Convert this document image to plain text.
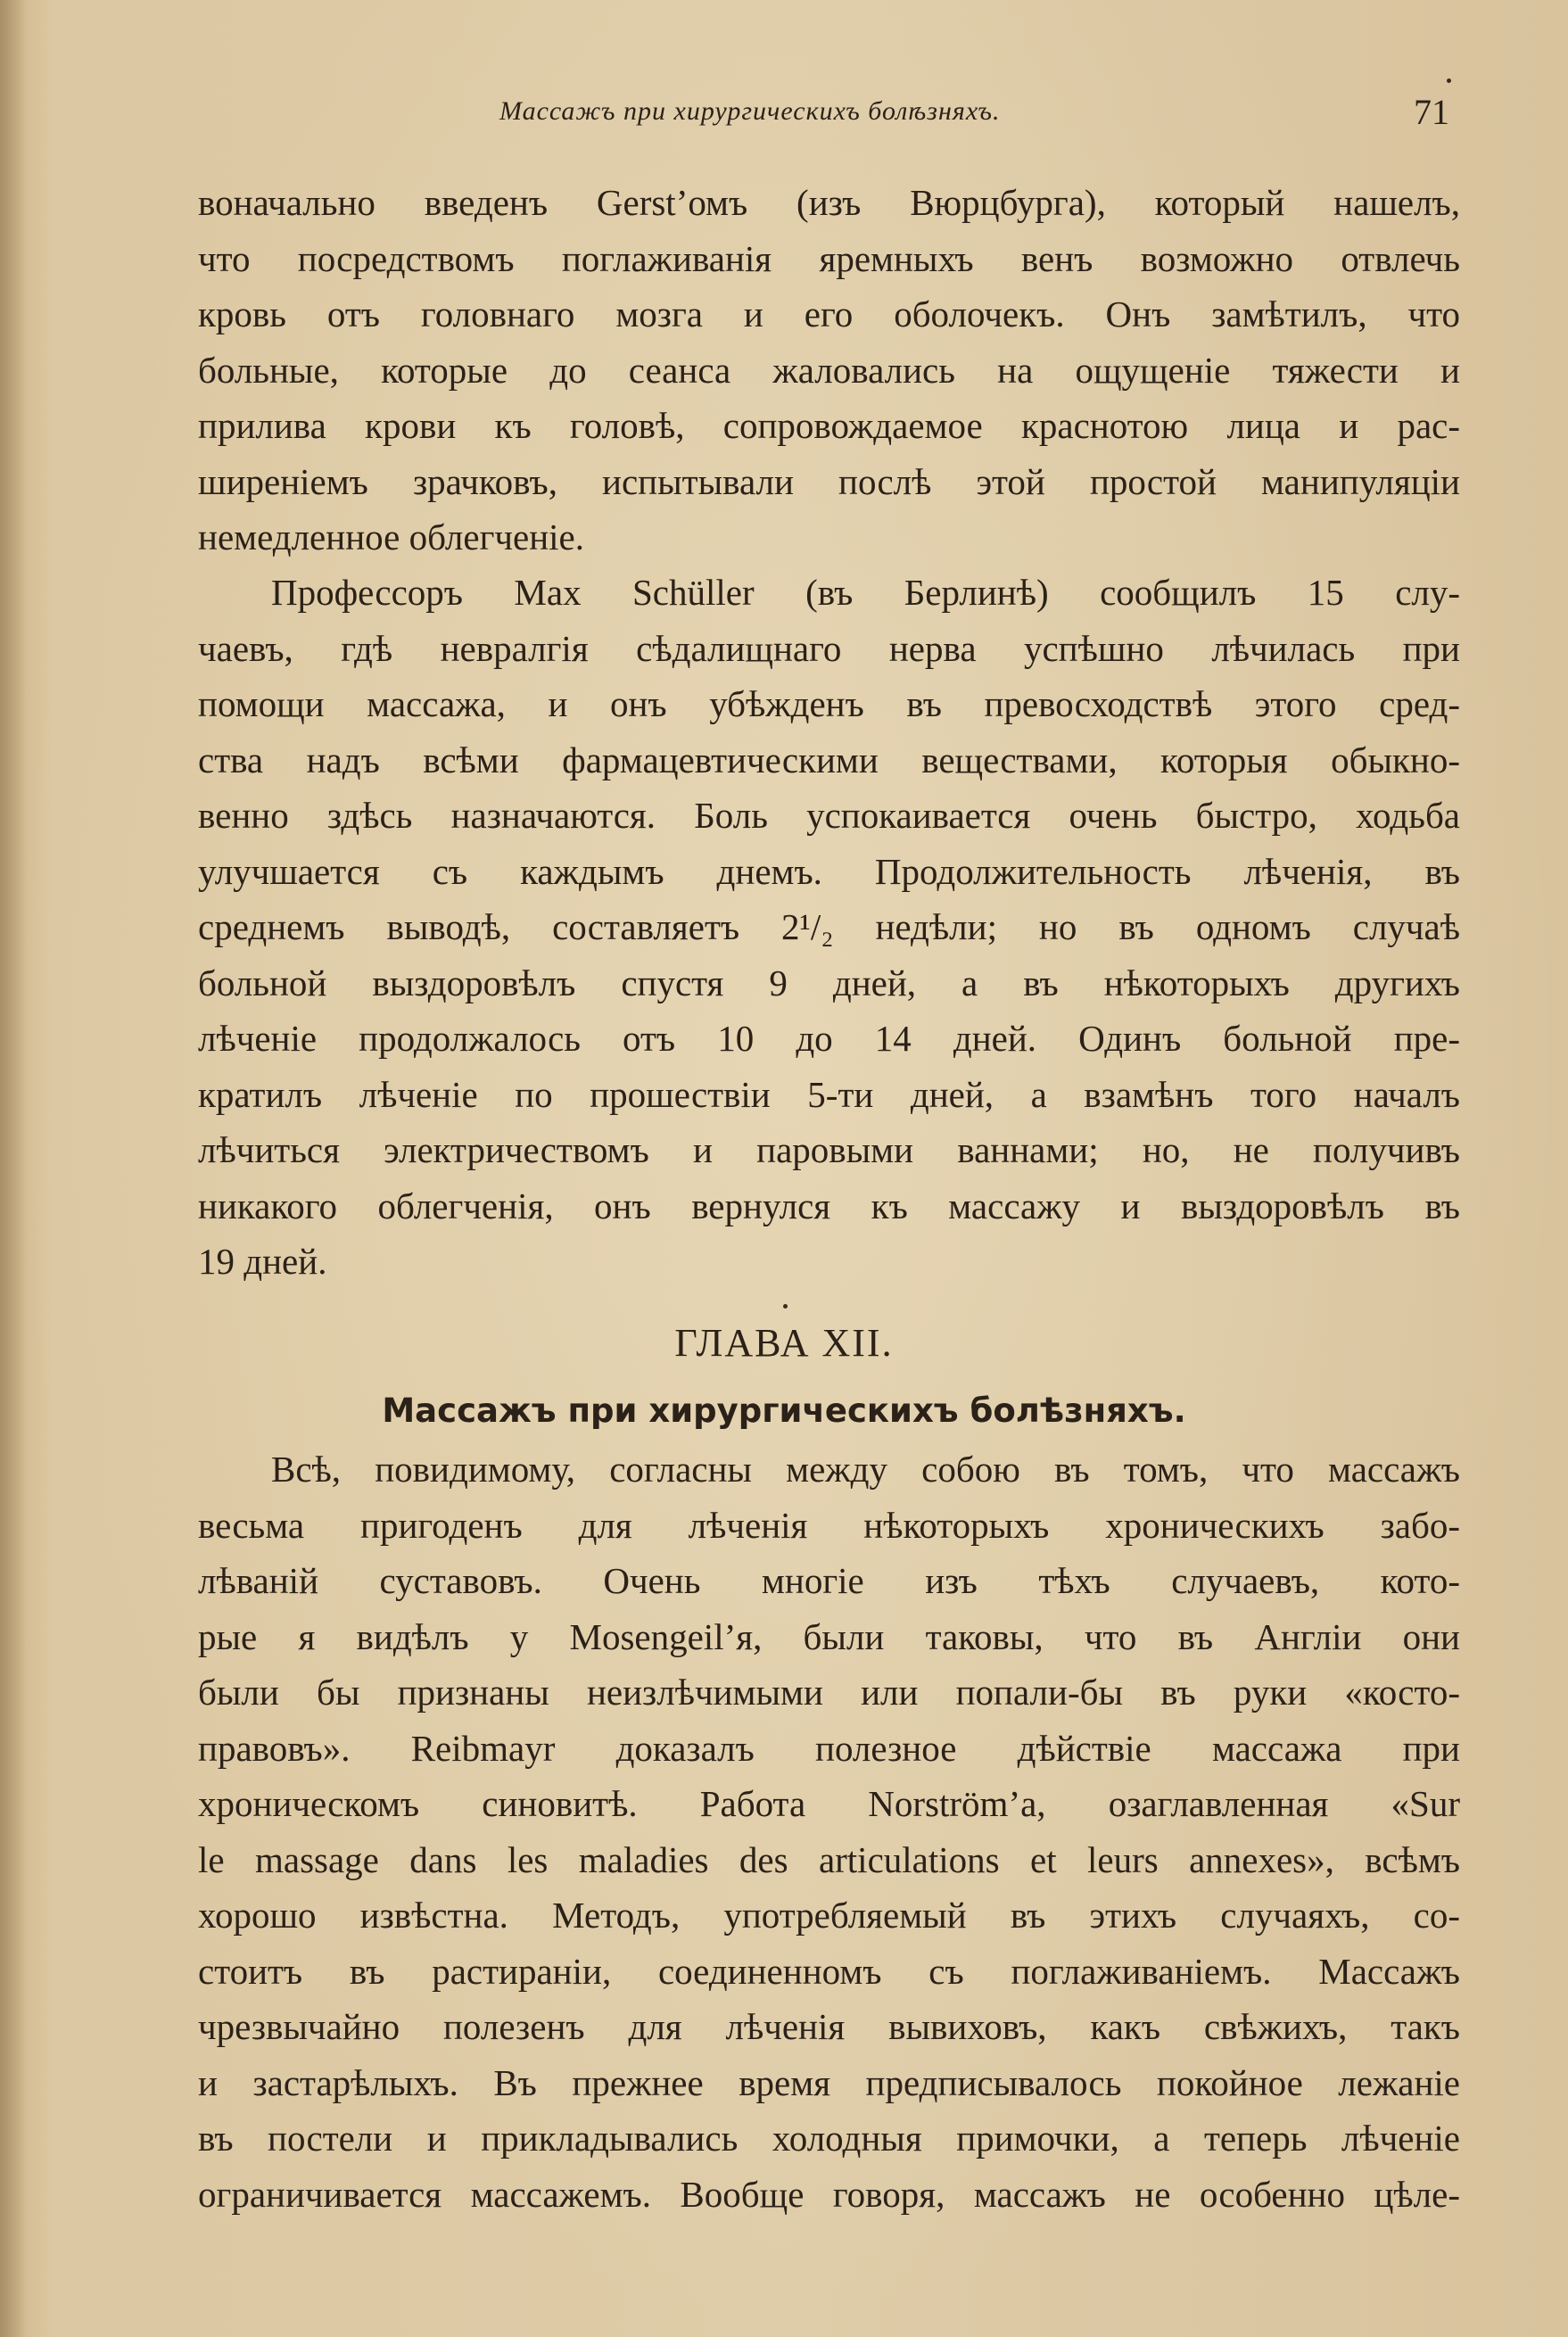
Массажъ при хирургическихъ болѣзняхъ.	71
воначально введенъ Gerst’омъ (изъ Вюрцбурга), который нашелъ,
что посредствомъ поглаживанія яремныхъ венъ возможно отвлечь
кровь отъ головнаго мозга и его оболочекъ. Онъ замѣтилъ, что
больные, которые до сеанса жаловались на ощущеніе тяжести и
прилива крови къ головѣ, сопровождаемое краснотою лица и рас-
ширеніемъ зрачковъ, испытывали послѣ этой простой манипуляціи
немедленное облегченіе.
Профессоръ Max Schüller (въ Берлинѣ) сообщилъ 15 слу-
чаевъ, гдѣ невралгія сѣдалищнаго нерва успѣшно лѣчилась при
помощи массажа, и онъ убѣжденъ въ превосходствѣ этого сред-
ства надъ всѣми фармацевтическими веществами, которыя обыкно-
венно здѣсь назначаются. Боль успокаивается очень быстро, ходьба
улучшается съ каждымъ днемъ. Продолжительность лѣченія, въ
среднемъ выводѣ, составляетъ 2¹/₂ недѣли; но въ одномъ случаѣ
больной выздоровѣлъ спустя 9 дней, а въ нѣкоторыхъ другихъ
лѣченіе продолжалось отъ 10 до 14 дней. Одинъ больной пре-
кратилъ лѣченіе по прошествіи 5-ти дней, а взамѣнъ того началъ
лѣчиться электричествомъ и паровыми ваннами; но, не получивъ
никакого облегченія, онъ вернулся къ массажу и выздоровѣлъ въ
19 дней.
ГЛАВА XII.
Массажъ при хирургическихъ болѣзняхъ.
Всѣ, повидимому, согласны между собою въ томъ, что массажъ
весьма пригоденъ для лѣченія нѣкоторыхъ хроническихъ забо-
лѣваній суставовъ. Очень многіе изъ тѣхъ случаевъ, кото-
рые я видѣлъ у Mosengeil’я, были таковы, что въ Англіи они
были бы признаны неизлѣчимыми или попали-бы въ руки «косто-
правовъ». Reibmayr доказалъ полезное дѣйствіе массажа при
хроническомъ синовитѣ. Работа Norström’а, озаглавленная «Sur
le massage dans les maladies des articulations et leurs annexes», всѣмъ
хорошо извѣстна. Методъ, употребляемый въ этихъ случаяхъ, со-
стоитъ въ растираніи, соединенномъ съ поглаживаніемъ. Массажъ
чрезвычайно полезенъ для лѣченія вывиховъ, какъ свѣжихъ, такъ
и застарѣлыхъ. Въ прежнее время предписывалось покойное лежаніе
въ постели и прикладывались холодныя примочки, а теперь лѣченіе
ограничивается массажемъ. Вообще говоря, массажъ не особенно цѣле-
